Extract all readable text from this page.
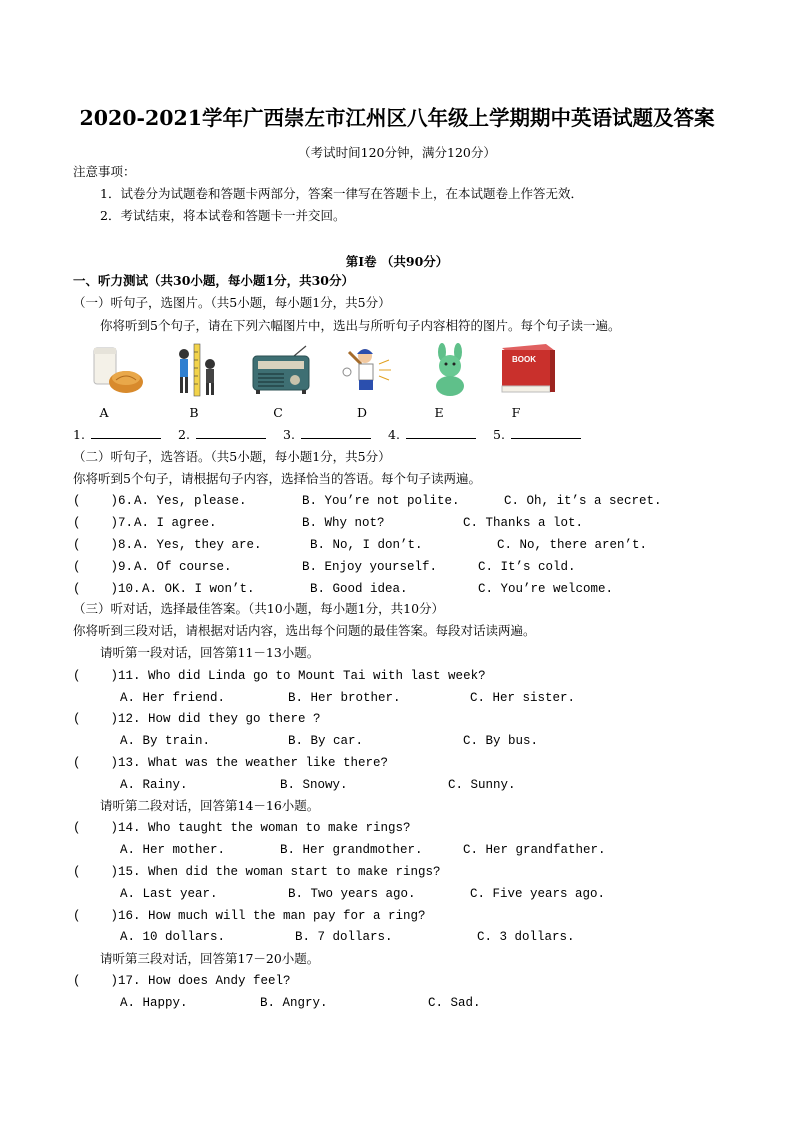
2020-2021学年广西崇左市江州区八年级上学期期中英语试题及答案
（考试时间120分钟，满分120分）
注意事项：
1．试卷分为试题卷和答题卡两部分，答案一律写在答题卡上，在本试题卷上作答无效．
2．考试结束，将本试卷和答题卡一并交回。
第Ⅰ卷 （共90分）
一、听力测试（共30小题，每小题1分，共30分）
（一）听句子，选图片。（共5小题，每小题1分，共5分）
你将听到5个句子，请在下列六幅图片中，选出与所听句子内容相符的图片。每个句子读一遍。
BOOK
A	B	C	D	E	F
1.	2.	3.	4.	5.
（二）听句子，选答语。（共5小题，每小题1分，共5分）
你将听到5个句子，请根据句子内容，选择恰当的答语。每个句子读两遍。
(    )6. A. Yes, please.	B. You’re not polite.	C. Oh, it’s a secret.
(    )7. A. I agree.	B. Why not?	C. Thanks a lot.
(    )8. A. Yes, they are.	B. No, I don’t.	C. No, there aren’t.
(    )9. A. Of course.	B. Enjoy yourself.	C. It’s cold.
(    )10. A. OK. I won’t.	B. Good idea.	C. You’re welcome.
（三）听对话，选择最佳答案。（共10小题，每小题1分，共10分）
你将听到三段对话，请根据对话内容，选出每个问题的最佳答案。每段对话读两遍。
请听第一段对话，回答第11－13小题。
(    )11. Who did Linda go to Mount Tai with last week?
A. Her friend.	B. Her brother.	C. Her sister.
(    )12. How did they go there ?
A. By train.	B. By car.	C. By bus.
(    )13. What was the weather like there?
A. Rainy.	B. Snowy.	C. Sunny.
请听第二段对话，回答第14－16小题。
(    )14. Who taught the woman to make rings?
A. Her mother.	B. Her grandmother.	C. Her grandfather.
(    )15. When did the woman start to make rings?
A. Last year.	B. Two years ago.	C. Five years ago.
(    )16. How much will the man pay for a ring?
A. 10 dollars.	B. 7 dollars.	C. 3 dollars.
请听第三段对话，回答第17－20小题。
(    )17. How does Andy feel?
A. Happy.	B. Angry.	C. Sad.
